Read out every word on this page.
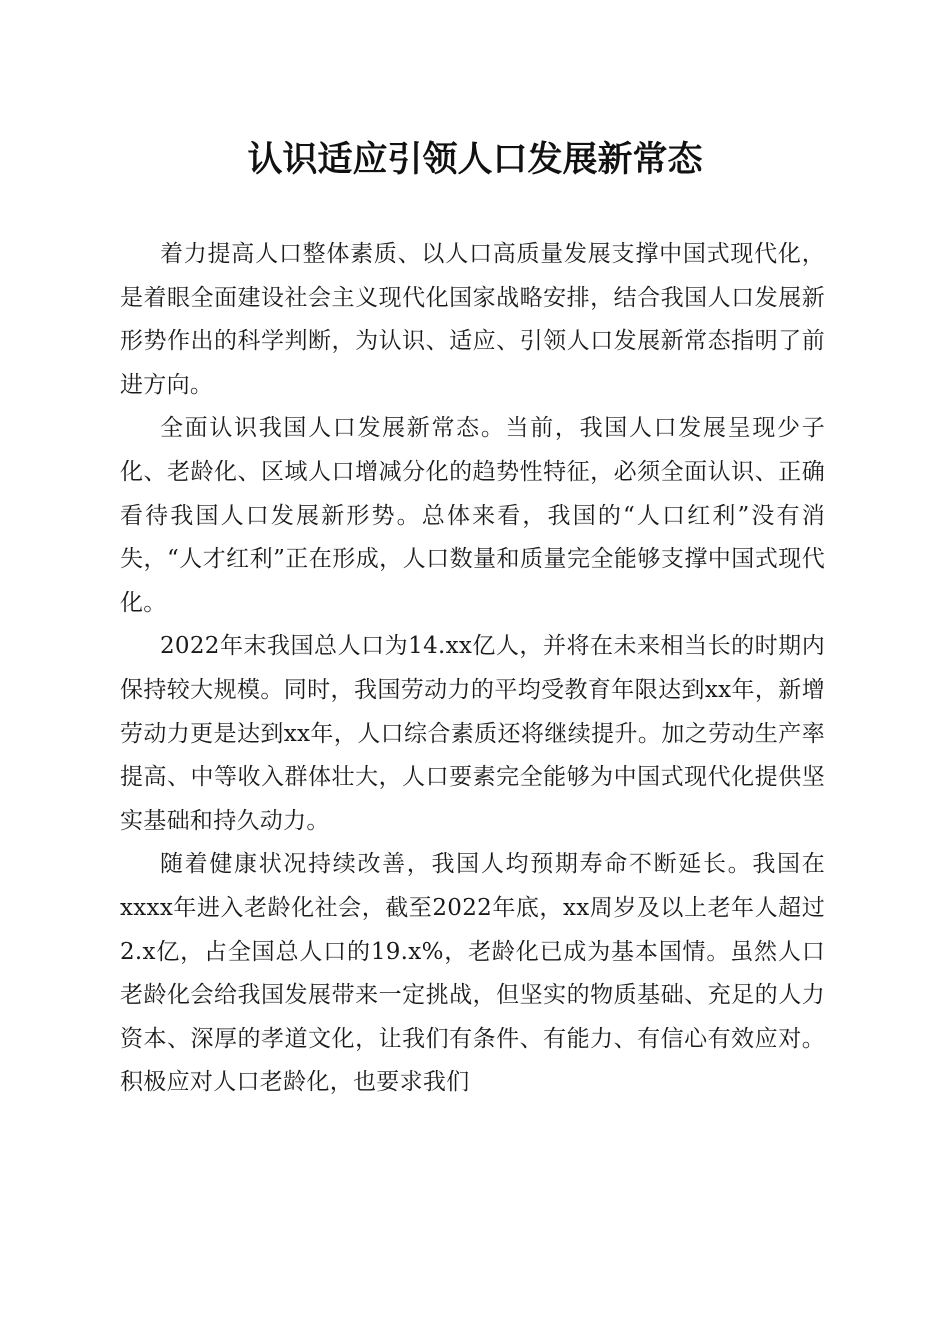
认识适应引领人口发展新常态

着力提高人口整体素质、以人口高质量发展支撑中国式现代化，是着眼全面建设社会主义现代化国家战略安排，结合我国人口发展新形势作出的科学判断，为认识、适应、引领人口发展新常态指明了前进方向。

全面认识我国人口发展新常态。当前，我国人口发展呈现少子化、老龄化、区域人口增减分化的趋势性特征，必须全面认识、正确看待我国人口发展新形势。总体来看，我国的“人口红利”没有消失，“人才红利”正在形成，人口数量和质量完全能够支撑中国式现代化。

2022年末我国总人口为14.xx亿人，并将在未来相当长的时期内保持较大规模。同时，我国劳动力的平均受教育年限达到xx年，新增劳动力更是达到xx年，人口综合素质还将继续提升。加之劳动生产率提高、中等收入群体壮大，人口要素完全能够为中国式现代化提供坚实基础和持久动力。

随着健康状况持续改善，我国人均预期寿命不断延长。我国在xxxx年进入老龄化社会，截至2022年底，xx周岁及以上老年人超过2.x亿，占全国总人口的19.x%，老龄化已成为基本国情。虽然人口老龄化会给我国发展带来一定挑战，但坚实的物质基础、充足的人力资本、深厚的孝道文化，让我们有条件、有能力、有信心有效应对。积极应对人口老龄化，也要求我们
